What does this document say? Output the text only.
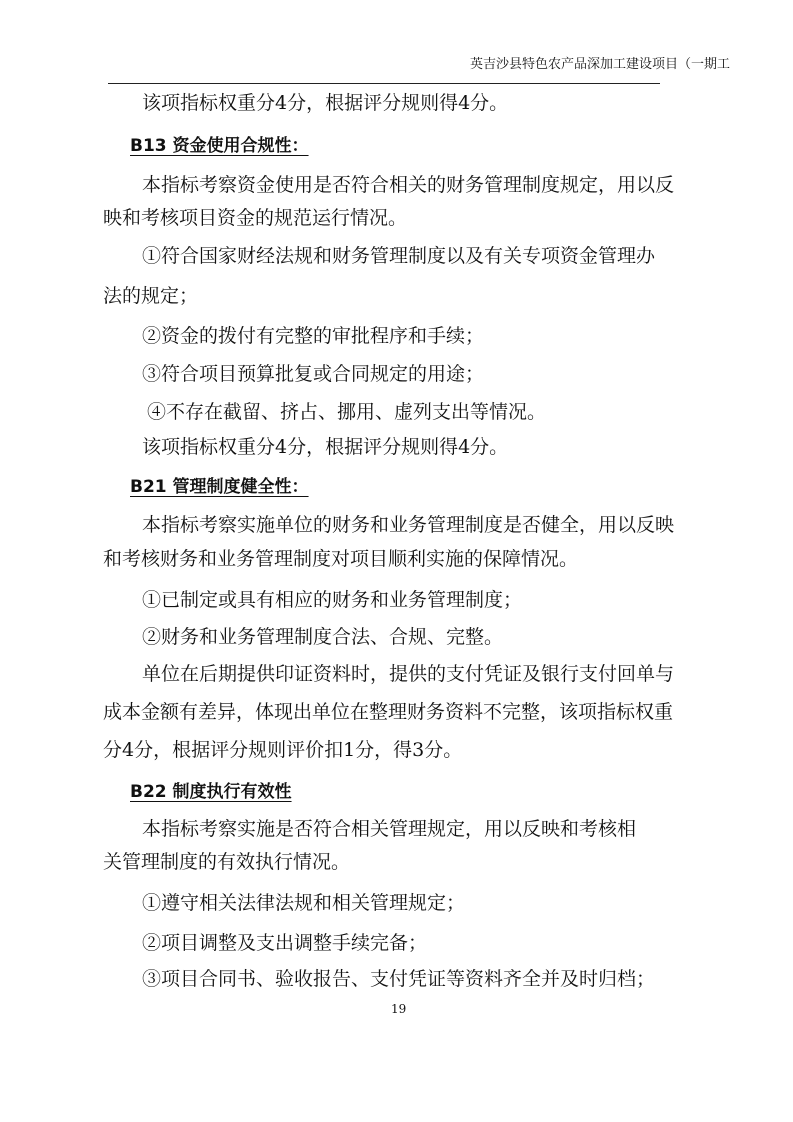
英吉沙县特色农产品深加工建设项目（一期工
该项指标权重分4分，根据评分规则得4分。
B13 资金使用合规性：
本指标考察资金使用是否符合相关的财务管理制度规定，用以反
映和考核项目资金的规范运行情况。
①符合国家财经法规和财务管理制度以及有关专项资金管理办
法的规定；
②资金的拨付有完整的审批程序和手续；
③符合项目预算批复或合同规定的用途；
④不存在截留、挤占、挪用、虚列支出等情况。
该项指标权重分4分，根据评分规则得4分。
B21 管理制度健全性：
本指标考察实施单位的财务和业务管理制度是否健全，用以反映
和考核财务和业务管理制度对项目顺利实施的保障情况。
①已制定或具有相应的财务和业务管理制度；
②财务和业务管理制度合法、合规、完整。
单位在后期提供印证资料时，提供的支付凭证及银行支付回单与
成本金额有差异，体现出单位在整理财务资料不完整，该项指标权重
分4分，根据评分规则评价扣1分，得3分。
B22 制度执行有效性
本指标考察实施是否符合相关管理规定，用以反映和考核相
关管理制度的有效执行情况。
①遵守相关法律法规和相关管理规定；
②项目调整及支出调整手续完备；
③项目合同书、验收报告、支付凭证等资料齐全并及时归档；
19
